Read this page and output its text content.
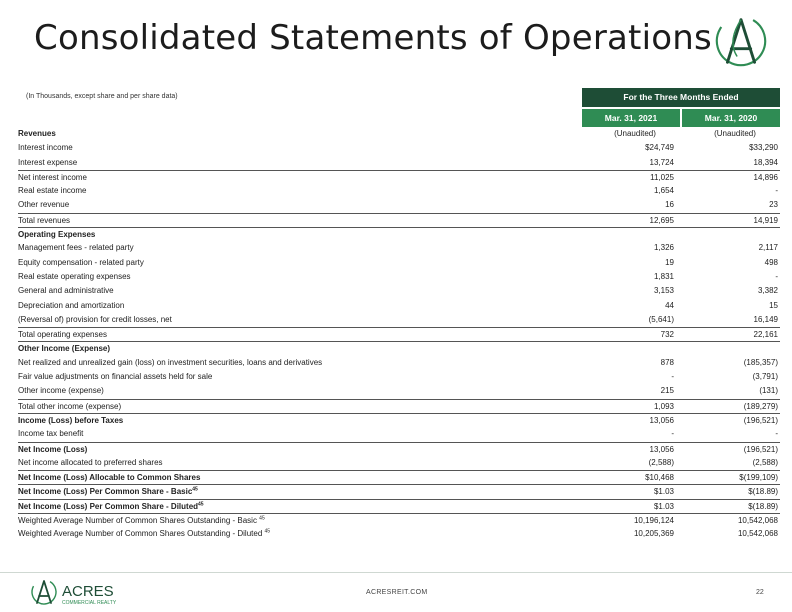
Consolidated Statements of Operations
(In Thousands, except share and per share data)	For the Three Months Ended
Mar. 31, 2021	Mar. 31, 2020
Revenues	(Unaudited)	(Unaudited)
Interest income	$24,749	$33,290
Interest expense	13,724	18,394
Net interest income	11,025	14,896
Real estate income	1,654	-
Other revenue	16	23
Total revenues	12,695	14,919
Operating Expenses
Management fees - related party	1,326	2,117
Equity compensation - related party	19	498
Real estate operating expenses	1,831	-
General and administrative	3,153	3,382
Depreciation and amortization	44	15
(Reversal of) provision for credit losses, net	(5,641)	16,149
Total operating expenses	732	22,161
Other Income (Expense)
Net realized and unrealized gain (loss) on investment securities, loans and derivatives	878	(185,357)
Fair value adjustments on financial assets held for sale	-	(3,791)
Other income (expense)	215	(131)
Total other income (expense)	1,093	(189,279)
Income (Loss) before Taxes	13,056	(196,521)
Income tax benefit	-	-
Net Income (Loss)	13,056	(196,521)
Net income allocated to preferred shares	(2,588)	(2,588)
Net Income (Loss) Allocable to Common Shares	$10,468	$(199,109)
Net Income (Loss) Per Common Share - Basic$^{45}$	$1.03	$(18.89)
Net Income (Loss) Per Common Share - Diluted$^{45}$	$1.03	$(18.89)
Weighted Average Number of Common Shares Outstanding - Basic $^{45}$	10,196,124	10,542,068
Weighted Average Number of Common Shares Outstanding - Diluted $^{45}$	10,205,369	10,542,068
ACRES
COMMERCIAL REALTY
ACRESREIT.COM	22
